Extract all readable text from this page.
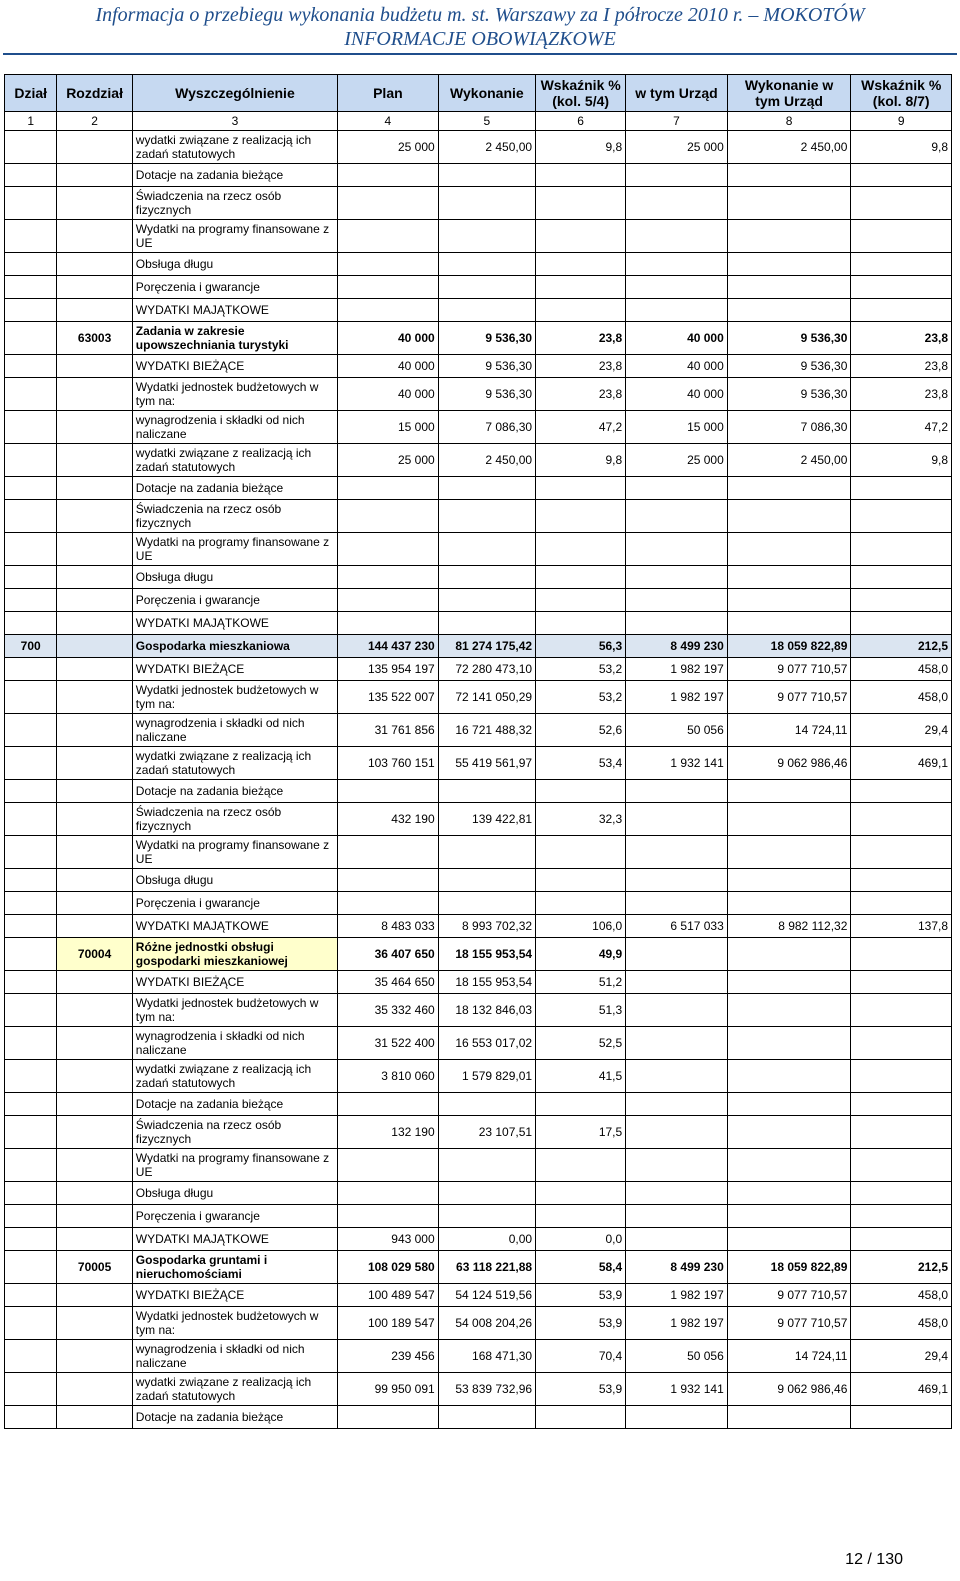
Informacja o przebiegu wykonania budżetu m. st. Warszawy za I półrocze 2010 r. – MOKOTÓW
INFORMACJE OBOWIĄZKOWE
Dział	Rozdział	Wyszczególnienie	Plan	Wykonanie	Wskaźnik % (kol. 5/4)	w tym Urząd	Wykonanie w tym Urząd	Wskaźnik % (kol. 8/7)
1	2	3	4	5	6	7	8	9
		wydatki związane z realizacją ich zadań statutowych	25 000	2 450,00	9,8	25 000	2 450,00	9,8
		Dotacje na zadania bieżące						
		Świadczenia na rzecz osób fizycznych						
		Wydatki na programy finansowane z UE						
		Obsługa długu						
		Poręczenia i gwarancje						
		WYDATKI MAJĄTKOWE						
	63003	Zadania w zakresie upowszechniania turystyki	40 000	9 536,30	23,8	40 000	9 536,30	23,8
		WYDATKI BIEŻĄCE	40 000	9 536,30	23,8	40 000	9 536,30	23,8
		Wydatki jednostek budżetowych w tym na:	40 000	9 536,30	23,8	40 000	9 536,30	23,8
		wynagrodzenia i składki od nich naliczane	15 000	7 086,30	47,2	15 000	7 086,30	47,2
		wydatki związane z realizacją ich zadań statutowych	25 000	2 450,00	9,8	25 000	2 450,00	9,8
		Dotacje na zadania bieżące						
		Świadczenia na rzecz osób fizycznych						
		Wydatki na programy finansowane z UE						
		Obsługa długu						
		Poręczenia i gwarancje						
		WYDATKI MAJĄTKOWE						
700		Gospodarka mieszkaniowa	144 437 230	81 274 175,42	56,3	8 499 230	18 059 822,89	212,5
		WYDATKI BIEŻĄCE	135 954 197	72 280 473,10	53,2	1 982 197	9 077 710,57	458,0
		Wydatki jednostek budżetowych w tym na:	135 522 007	72 141 050,29	53,2	1 982 197	9 077 710,57	458,0
		wynagrodzenia i składki od nich naliczane	31 761 856	16 721 488,32	52,6	50 056	14 724,11	29,4
		wydatki związane z realizacją ich zadań statutowych	103 760 151	55 419 561,97	53,4	1 932 141	9 062 986,46	469,1
		Dotacje na zadania bieżące						
		Świadczenia na rzecz osób fizycznych	432 190	139 422,81	32,3			
		Wydatki na programy finansowane z UE						
		Obsługa długu						
		Poręczenia i gwarancje						
		WYDATKI MAJĄTKOWE	8 483 033	8 993 702,32	106,0	6 517 033	8 982 112,32	137,8
	70004	Różne jednostki obsługi gospodarki mieszkaniowej	36 407 650	18 155 953,54	49,9			
		WYDATKI BIEŻĄCE	35 464 650	18 155 953,54	51,2			
		Wydatki jednostek budżetowych w tym na:	35 332 460	18 132 846,03	51,3			
		wynagrodzenia i składki od nich naliczane	31 522 400	16 553 017,02	52,5			
		wydatki związane z realizacją ich zadań statutowych	3 810 060	1 579 829,01	41,5			
		Dotacje na zadania bieżące						
		Świadczenia na rzecz osób fizycznych	132 190	23 107,51	17,5			
		Wydatki na programy finansowane z UE						
		Obsługa długu						
		Poręczenia i gwarancje						
		WYDATKI MAJĄTKOWE	943 000	0,00	0,0			
	70005	Gospodarka gruntami i nieruchomościami	108 029 580	63 118 221,88	58,4	8 499 230	18 059 822,89	212,5
		WYDATKI BIEŻĄCE	100 489 547	54 124 519,56	53,9	1 982 197	9 077 710,57	458,0
		Wydatki jednostek budżetowych w tym na:	100 189 547	54 008 204,26	53,9	1 982 197	9 077 710,57	458,0
		wynagrodzenia i składki od nich naliczane	239 456	168 471,30	70,4	50 056	14 724,11	29,4
		wydatki związane z realizacją ich zadań statutowych	99 950 091	53 839 732,96	53,9	1 932 141	9 062 986,46	469,1
		Dotacje na zadania bieżące						
12 / 130
